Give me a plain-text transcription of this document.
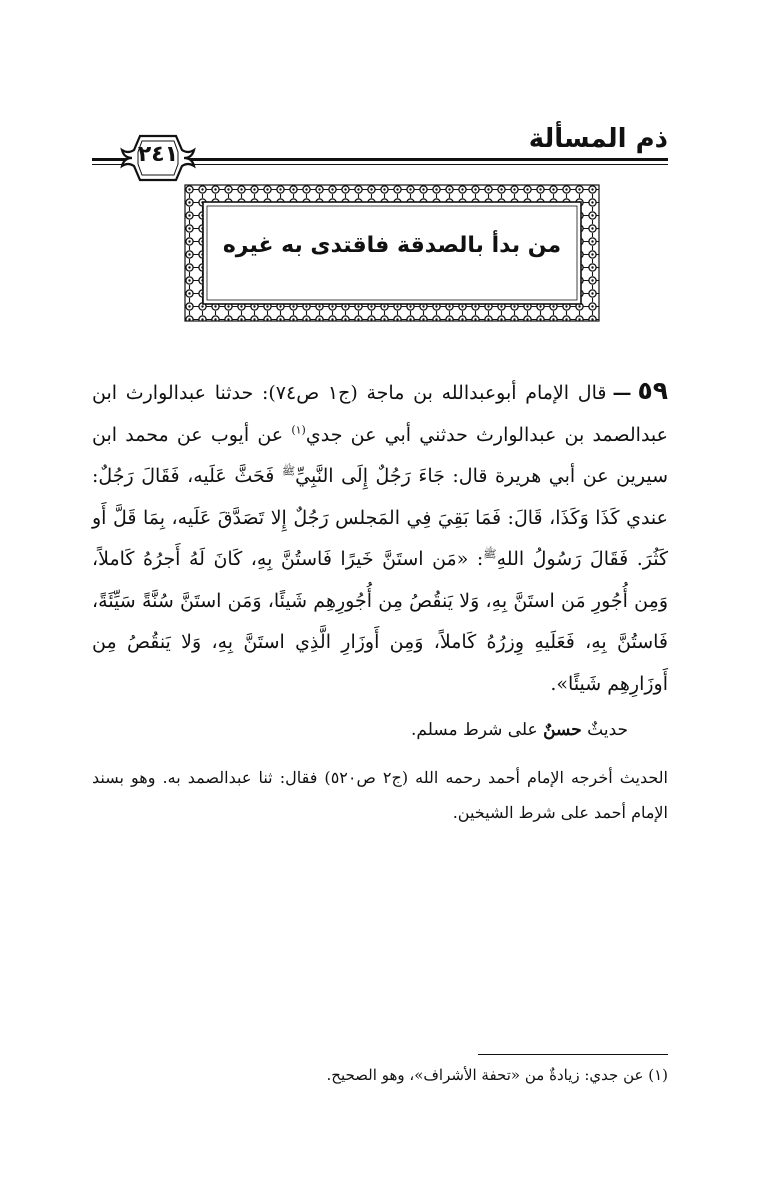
ذم المسألة
٢٤١
من بدأ بالصدقة فاقتدى به غيره
٥٩—قال الإمام أبوعبدالله بن ماجة (ج١ ص٧٤): حدثنا عبدالوارث ابن عبدالصمد بن عبدالوارث حدثني أبي عن جدي$^{(١)}$ عن أيوب عن محمد ابن سيرين عن أبي هريرة قال: جَاءَ رَجُلٌ إِلَى النَّبِيِّ$^ﷺ$ فَحَثَّ عَلَيه، فَقَالَ رَجُلٌ: عندي كَذَا وَكَذَا، قَالَ: فَمَا بَقِيَ فِي المَجلس رَجُلٌ إِلا تَصَدَّقَ عَلَيه، بِمَا قَلَّ أَو كَثُرَ. فَقَالَ رَسُولُ اللهِ$^ﷺ$: «مَن استَنَّ خَيرًا فَاستُنَّ بِهِ، كَانَ لَهُ أَجرُهُ كَاملاً، وَمِن أُجُورِ مَن استَنَّ بِهِ، وَلا يَنقُصُ مِن أُجُورِهِم شَيئًا، وَمَن استَنَّ سُنَّةً سَيِّئَةً، فَاستُنَّ بِهِ، فَعَلَيهِ وِزرُهُ كَاملاً، وَمِن أَوزَارِ الَّذِي استَنَّ بِهِ، وَلا يَنقُصُ مِن أَوزَارِهِم شَيئًا».
حديثٌ حسنٌ على شرط مسلم.
الحديث أخرجه الإمام أحمد رحمه الله (ج٢ ص٥٢٠) فقال: ثنا عبدالصمد به. وهو بسند الإمام أحمد على شرط الشيخين.
(١) عن جدي: زيادةٌ من «تحفة الأشراف»، وهو الصحيح.
